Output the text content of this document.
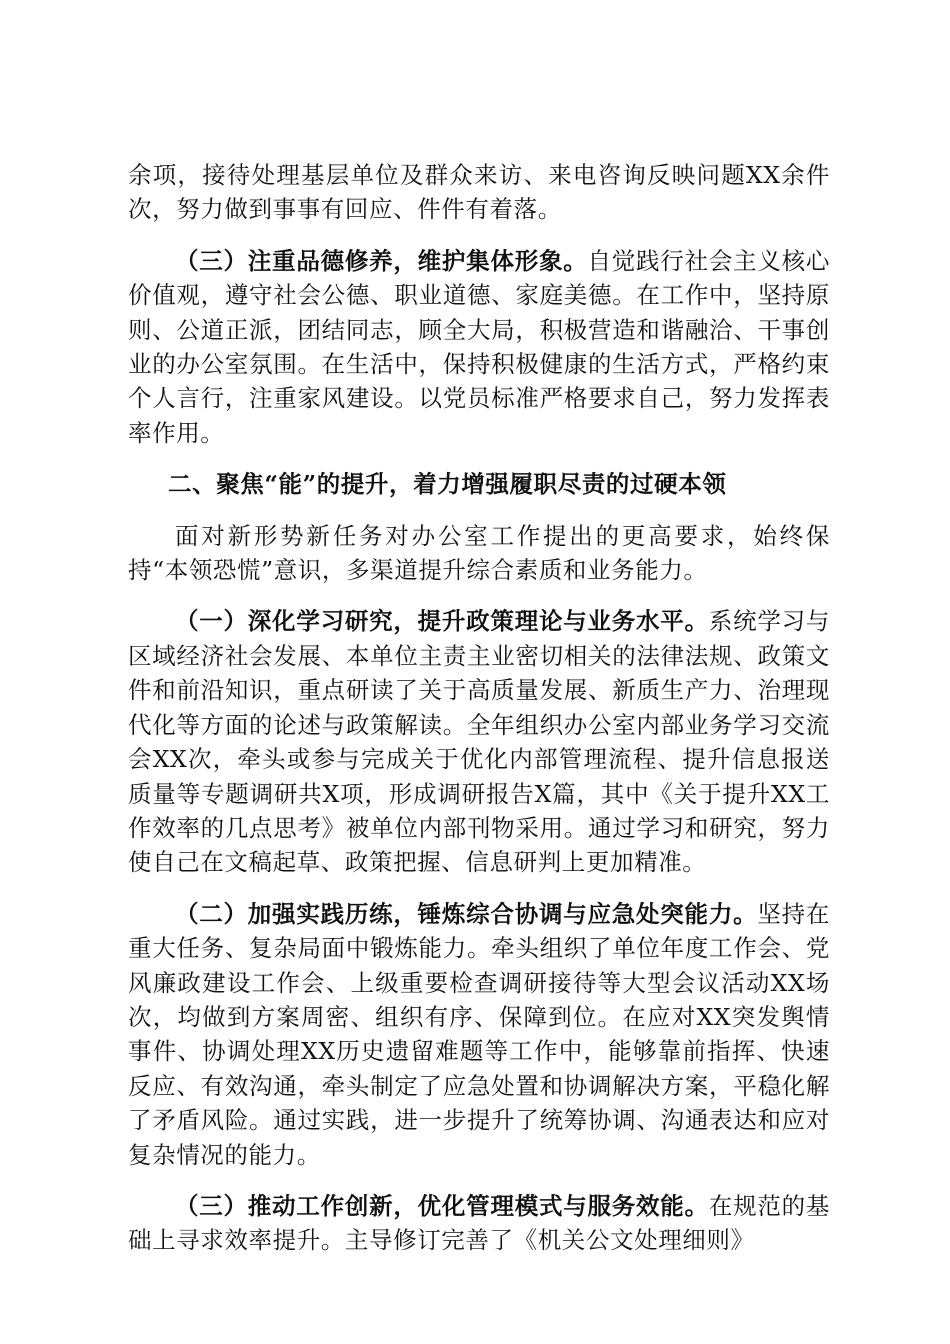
余项，接待处理基层单位及群众来访、来电咨询反映问题XX余件次，努力做到事事有回应、件件有着落。

（三）注重品德修养，维护集体形象。自觉践行社会主义核心价值观，遵守社会公德、职业道德、家庭美德。在工作中，坚持原则、公道正派，团结同志，顾全大局，积极营造和谐融洽、干事创业的办公室氛围。在生活中，保持积极健康的生活方式，严格约束个人言行，注重家风建设。以党员标准严格要求自己，努力发挥表率作用。

二、聚焦“能”的提升，着力增强履职尽责的过硬本领

面对新形势新任务对办公室工作提出的更高要求，始终保持“本领恐慌”意识，多渠道提升综合素质和业务能力。

（一）深化学习研究，提升政策理论与业务水平。系统学习与区域经济社会发展、本单位主责主业密切相关的法律法规、政策文件和前沿知识，重点研读了关于高质量发展、新质生产力、治理现代化等方面的论述与政策解读。全年组织办公室内部业务学习交流会XX次，牵头或参与完成关于优化内部管理流程、提升信息报送质量等专题调研共X项，形成调研报告X篇，其中《关于提升XX工作效率的几点思考》被单位内部刊物采用。通过学习和研究，努力使自己在文稿起草、政策把握、信息研判上更加精准。

（二）加强实践历练，锤炼综合协调与应急处突能力。坚持在重大任务、复杂局面中锻炼能力。牵头组织了单位年度工作会、党风廉政建设工作会、上级重要检查调研接待等大型会议活动XX场次，均做到方案周密、组织有序、保障到位。在应对XX突发舆情事件、协调处理XX历史遗留难题等工作中，能够靠前指挥、快速反应、有效沟通，牵头制定了应急处置和协调解决方案，平稳化解了矛盾风险。通过实践，进一步提升了统筹协调、沟通表达和应对复杂情况的能力。

（三）推动工作创新，优化管理模式与服务效能。在规范的基础上寻求效率提升。主导修订完善了《机关公文处理细则》
